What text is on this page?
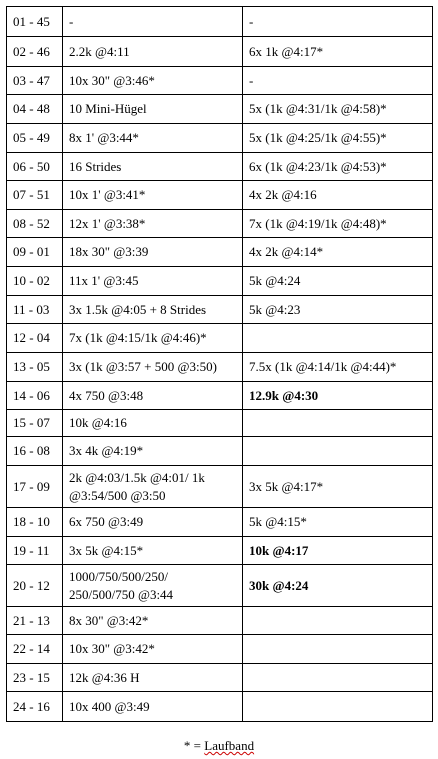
01 - 45	-	-
02 - 46	2.2k @4:11	6x 1k @4:17*
03 - 47	10x 30" @3:46*	-
04 - 48	10 Mini-Hügel	5x (1k @4:31/1k @4:58)*
05 - 49	8x 1' @3:44*	5x (1k @4:25/1k @4:55)*
06 - 50	16 Strides	6x (1k @4:23/1k @4:53)*
07 - 51	10x 1' @3:41*	4x 2k @4:16
08 - 52	12x 1' @3:38*	7x (1k @4:19/1k @4:48)*
09 - 01	18x 30" @3:39	4x 2k @4:14*
10 - 02	11x 1' @3:45	5k @4:24
11 - 03	3x 1.5k @4:05 + 8 Strides	5k @4:23
12 - 04	7x (1k @4:15/1k @4:46)*	
13 - 05	3x (1k @3:57 + 500 @3:50)	7.5x (1k @4:14/1k @4:44)*
14 - 06	4x 750 @3:48	12.9k @4:30
15 - 07	10k @4:16	
16 - 08	3x 4k @4:19*	
17 - 09	2k @4:03/1.5k @4:01/ 1k @3:54/500 @3:50	3x 5k @4:17*
18 - 10	6x 750 @3:49	5k @4:15*
19 - 11	3x 5k @4:15*	10k @4:17
20 - 12	1000/750/500/250/ 250/500/750 @3:44	30k @4:24
21 - 13	8x 30" @3:42*	
22 - 14	10x 30" @3:42*	
23 - 15	12k @4:36 H	
24 - 16	10x 400 @3:49	
* = Laufband
